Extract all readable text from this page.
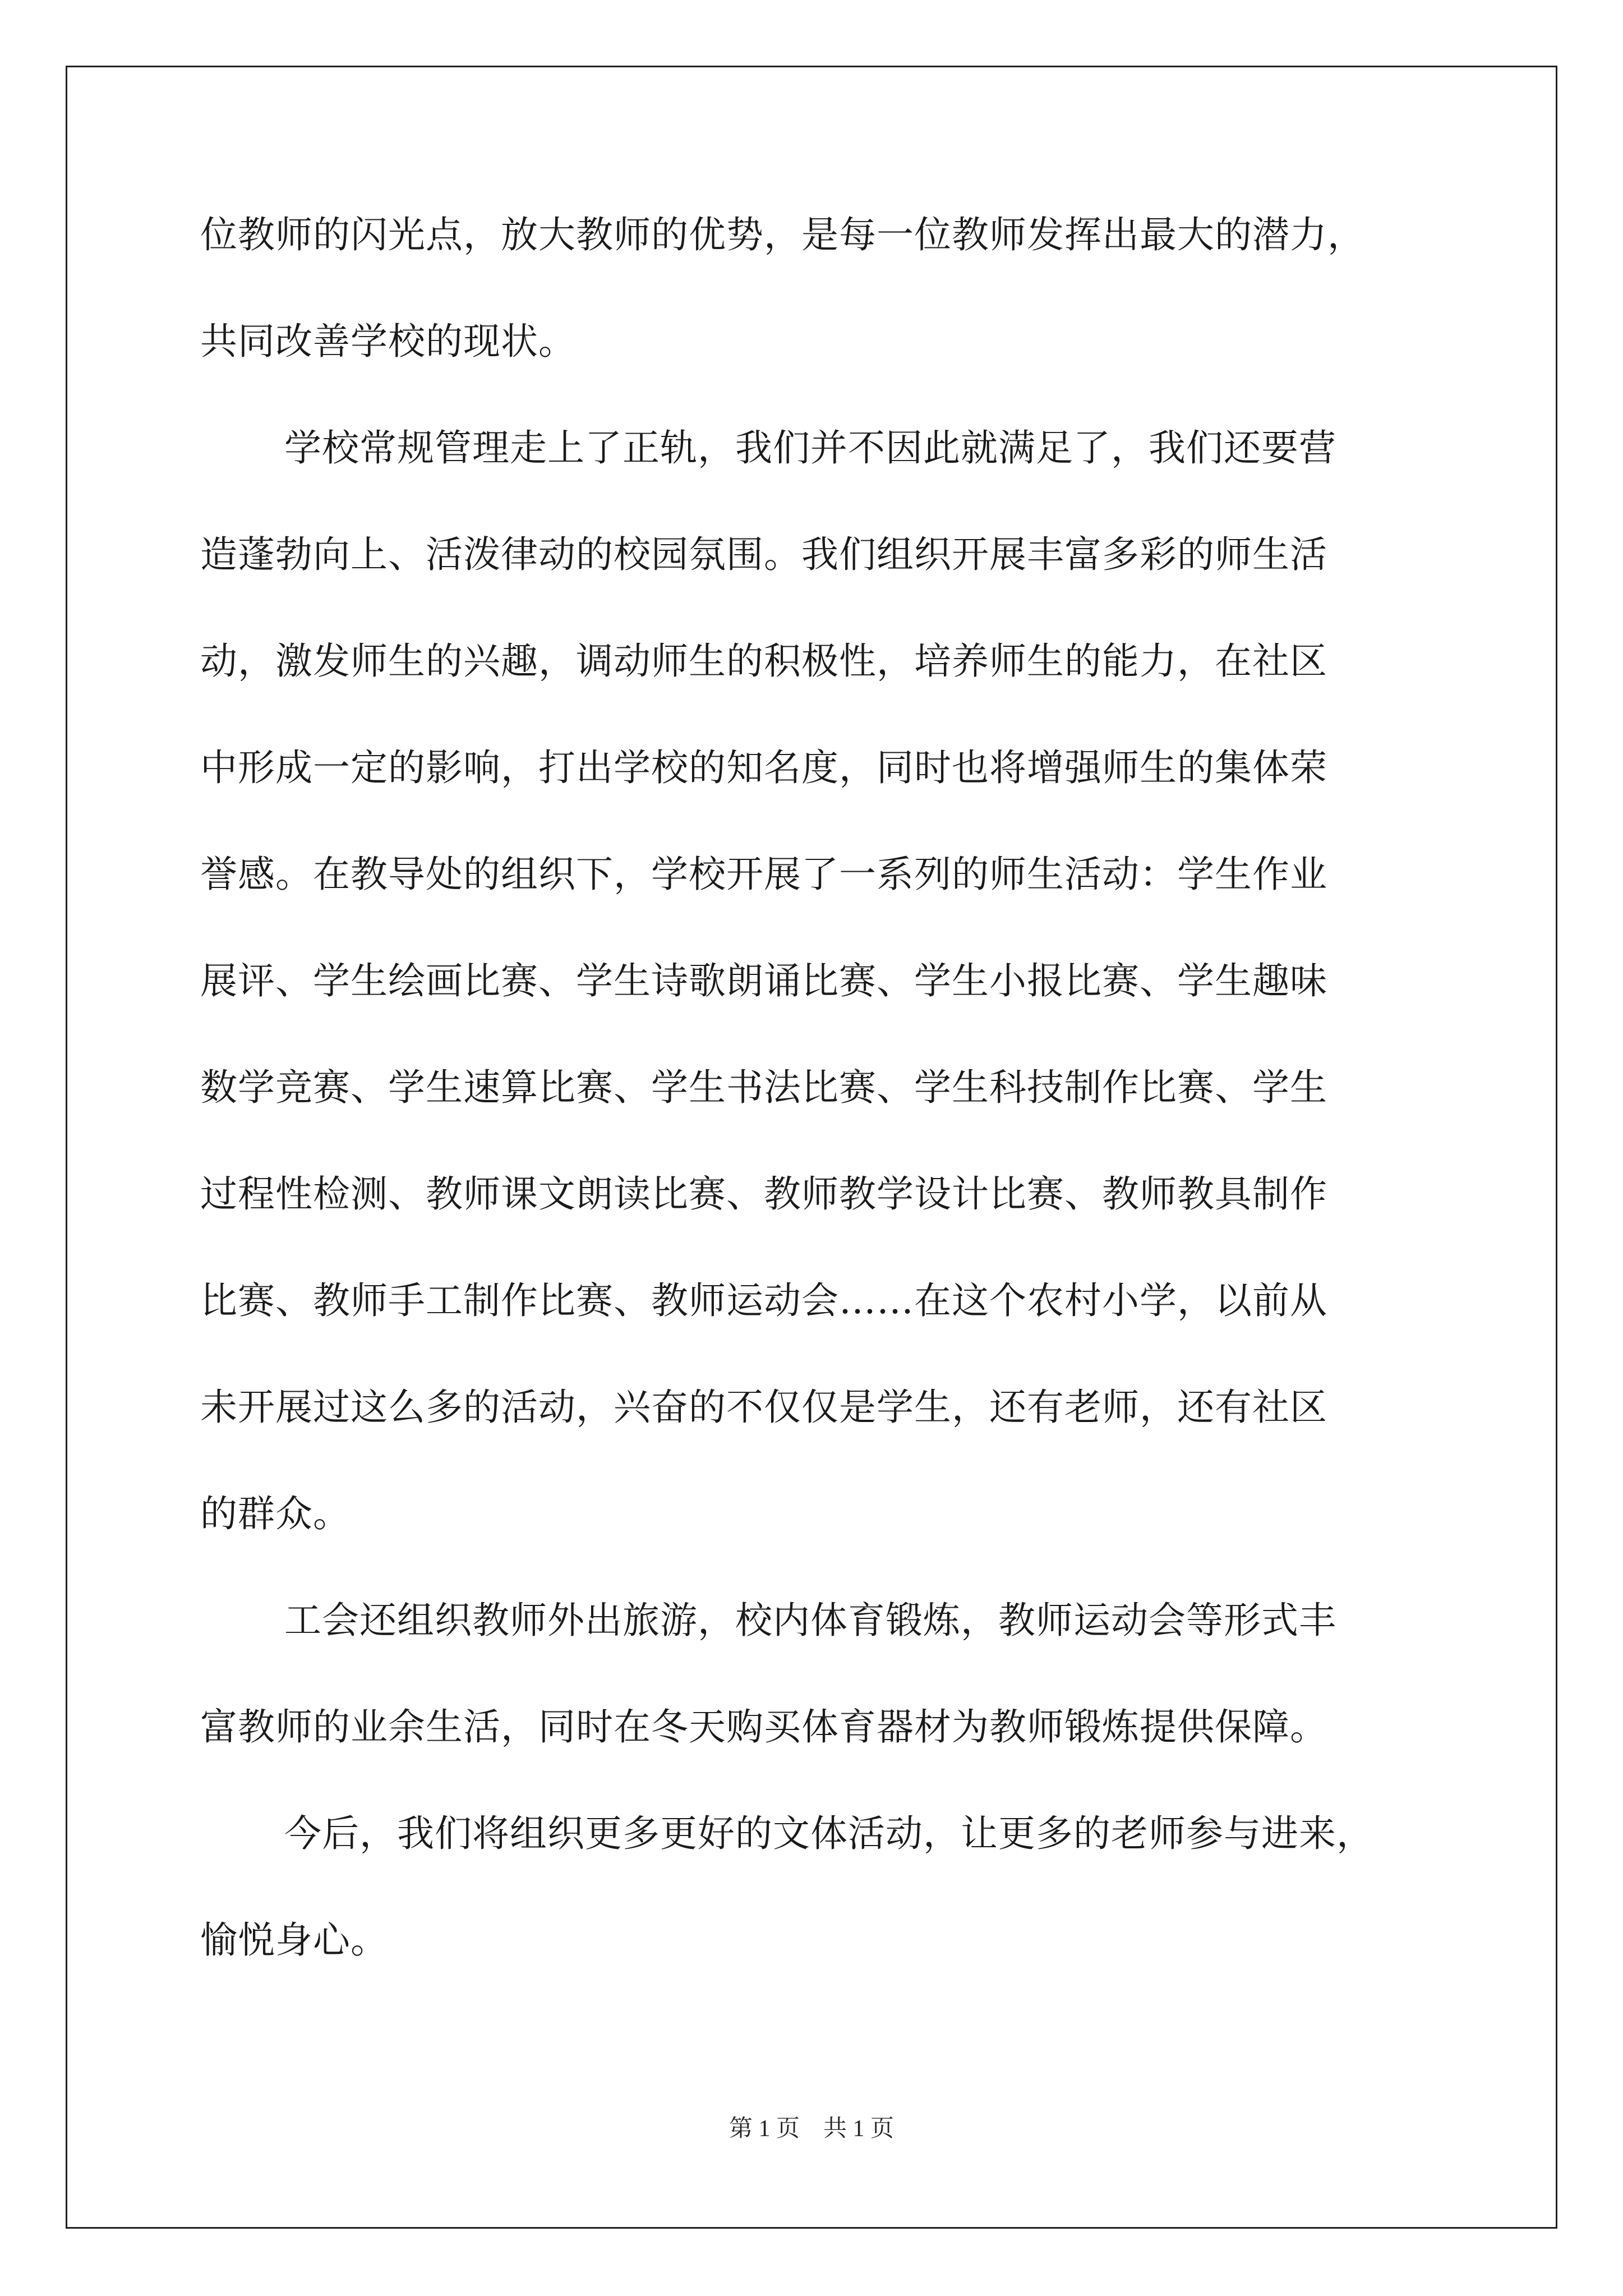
位教师的闪光点，放大教师的优势，是每一位教师发挥出最大的潜力，
共同改善学校的现状。
学校常规管理走上了正轨，我们并不因此就满足了，我们还要营
造蓬勃向上、活泼律动的校园氛围。我们组织开展丰富多彩的师生活
动，激发师生的兴趣，调动师生的积极性，培养师生的能力，在社区
中形成一定的影响，打出学校的知名度，同时也将增强师生的集体荣
誉感。在教导处的组织下，学校开展了一系列的师生活动：学生作业
展评、学生绘画比赛、学生诗歌朗诵比赛、学生小报比赛、学生趣味
数学竞赛、学生速算比赛、学生书法比赛、学生科技制作比赛、学生
过程性检测、教师课文朗读比赛、教师教学设计比赛、教师教具制作
比赛、教师手工制作比赛、教师运动会……在这个农村小学，以前从
未开展过这么多的活动，兴奋的不仅仅是学生，还有老师，还有社区
的群众。
工会还组织教师外出旅游，校内体育锻炼，教师运动会等形式丰
富教师的业余生活，同时在冬天购买体育器材为教师锻炼提供保障。
今后，我们将组织更多更好的文体活动，让更多的老师参与进来，
愉悦身心。
第 1 页    共 1 页
